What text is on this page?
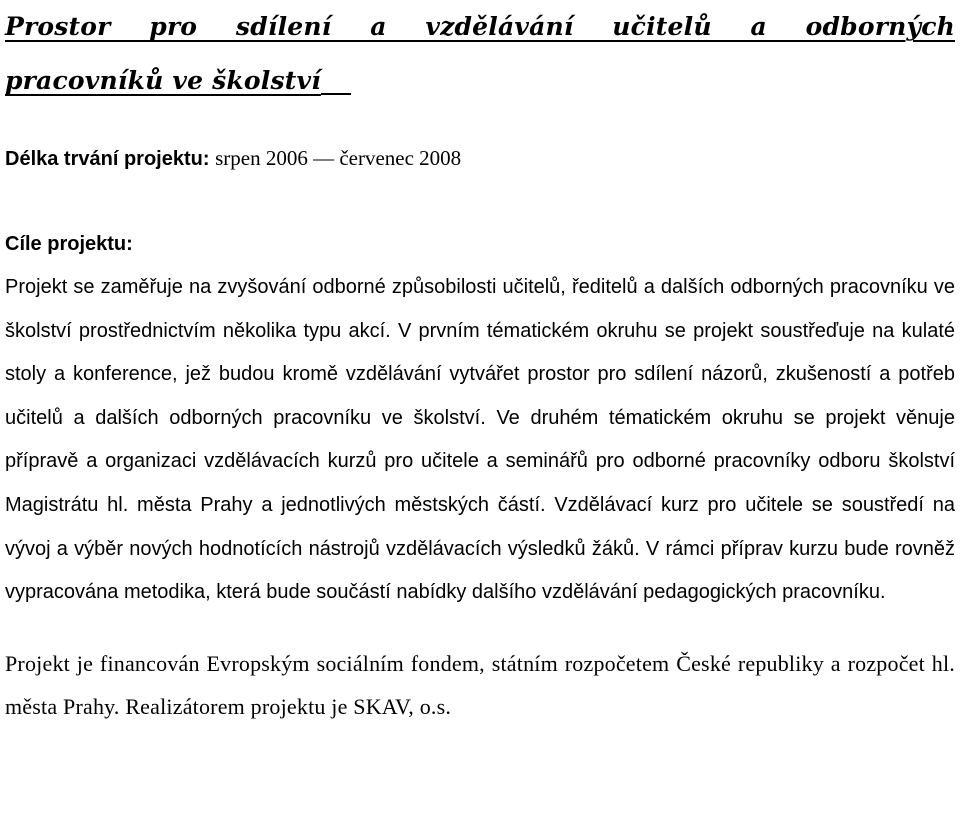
Prostor pro sdílení a vzdělávání učitelů a odborných
pracovníků ve školství

Délka trvání projektu: srpen 2006 — červenec 2008

Cíle projektu:

Projekt se zaměřuje na zvyšování odborné způsobilosti učitelů, ředitelů a dalších odborných pracovníku ve školství prostřednictvím několika typu akcí. V prvním tématickém okruhu se projekt soustřeďuje na kulaté stoly a konference, jež budou kromě vzdělávání vytvářet prostor pro sdílení názorů, zkušeností a potřeb učitelů a dalších odborných pracovníku ve školství. Ve druhém tématickém okruhu se projekt věnuje přípravě a organizaci vzdělávacích kurzů pro učitele a seminářů pro odborné pracovníky odboru školství Magistrátu hl. města Prahy a jednotlivých městských částí. Vzdělávací kurz pro učitele se soustředí na vývoj a výběr nových hodnotících nástrojů vzdělávacích výsledků žáků. V rámci příprav kurzu bude rovněž vypracována metodika, která bude součástí nabídky dalšího vzdělávání pedagogických pracovníku.

Projekt je financován Evropským sociálním fondem, státním rozpočetem České republiky a rozpočet hl. města Prahy. Realizátorem projektu je SKAV, o.s.
